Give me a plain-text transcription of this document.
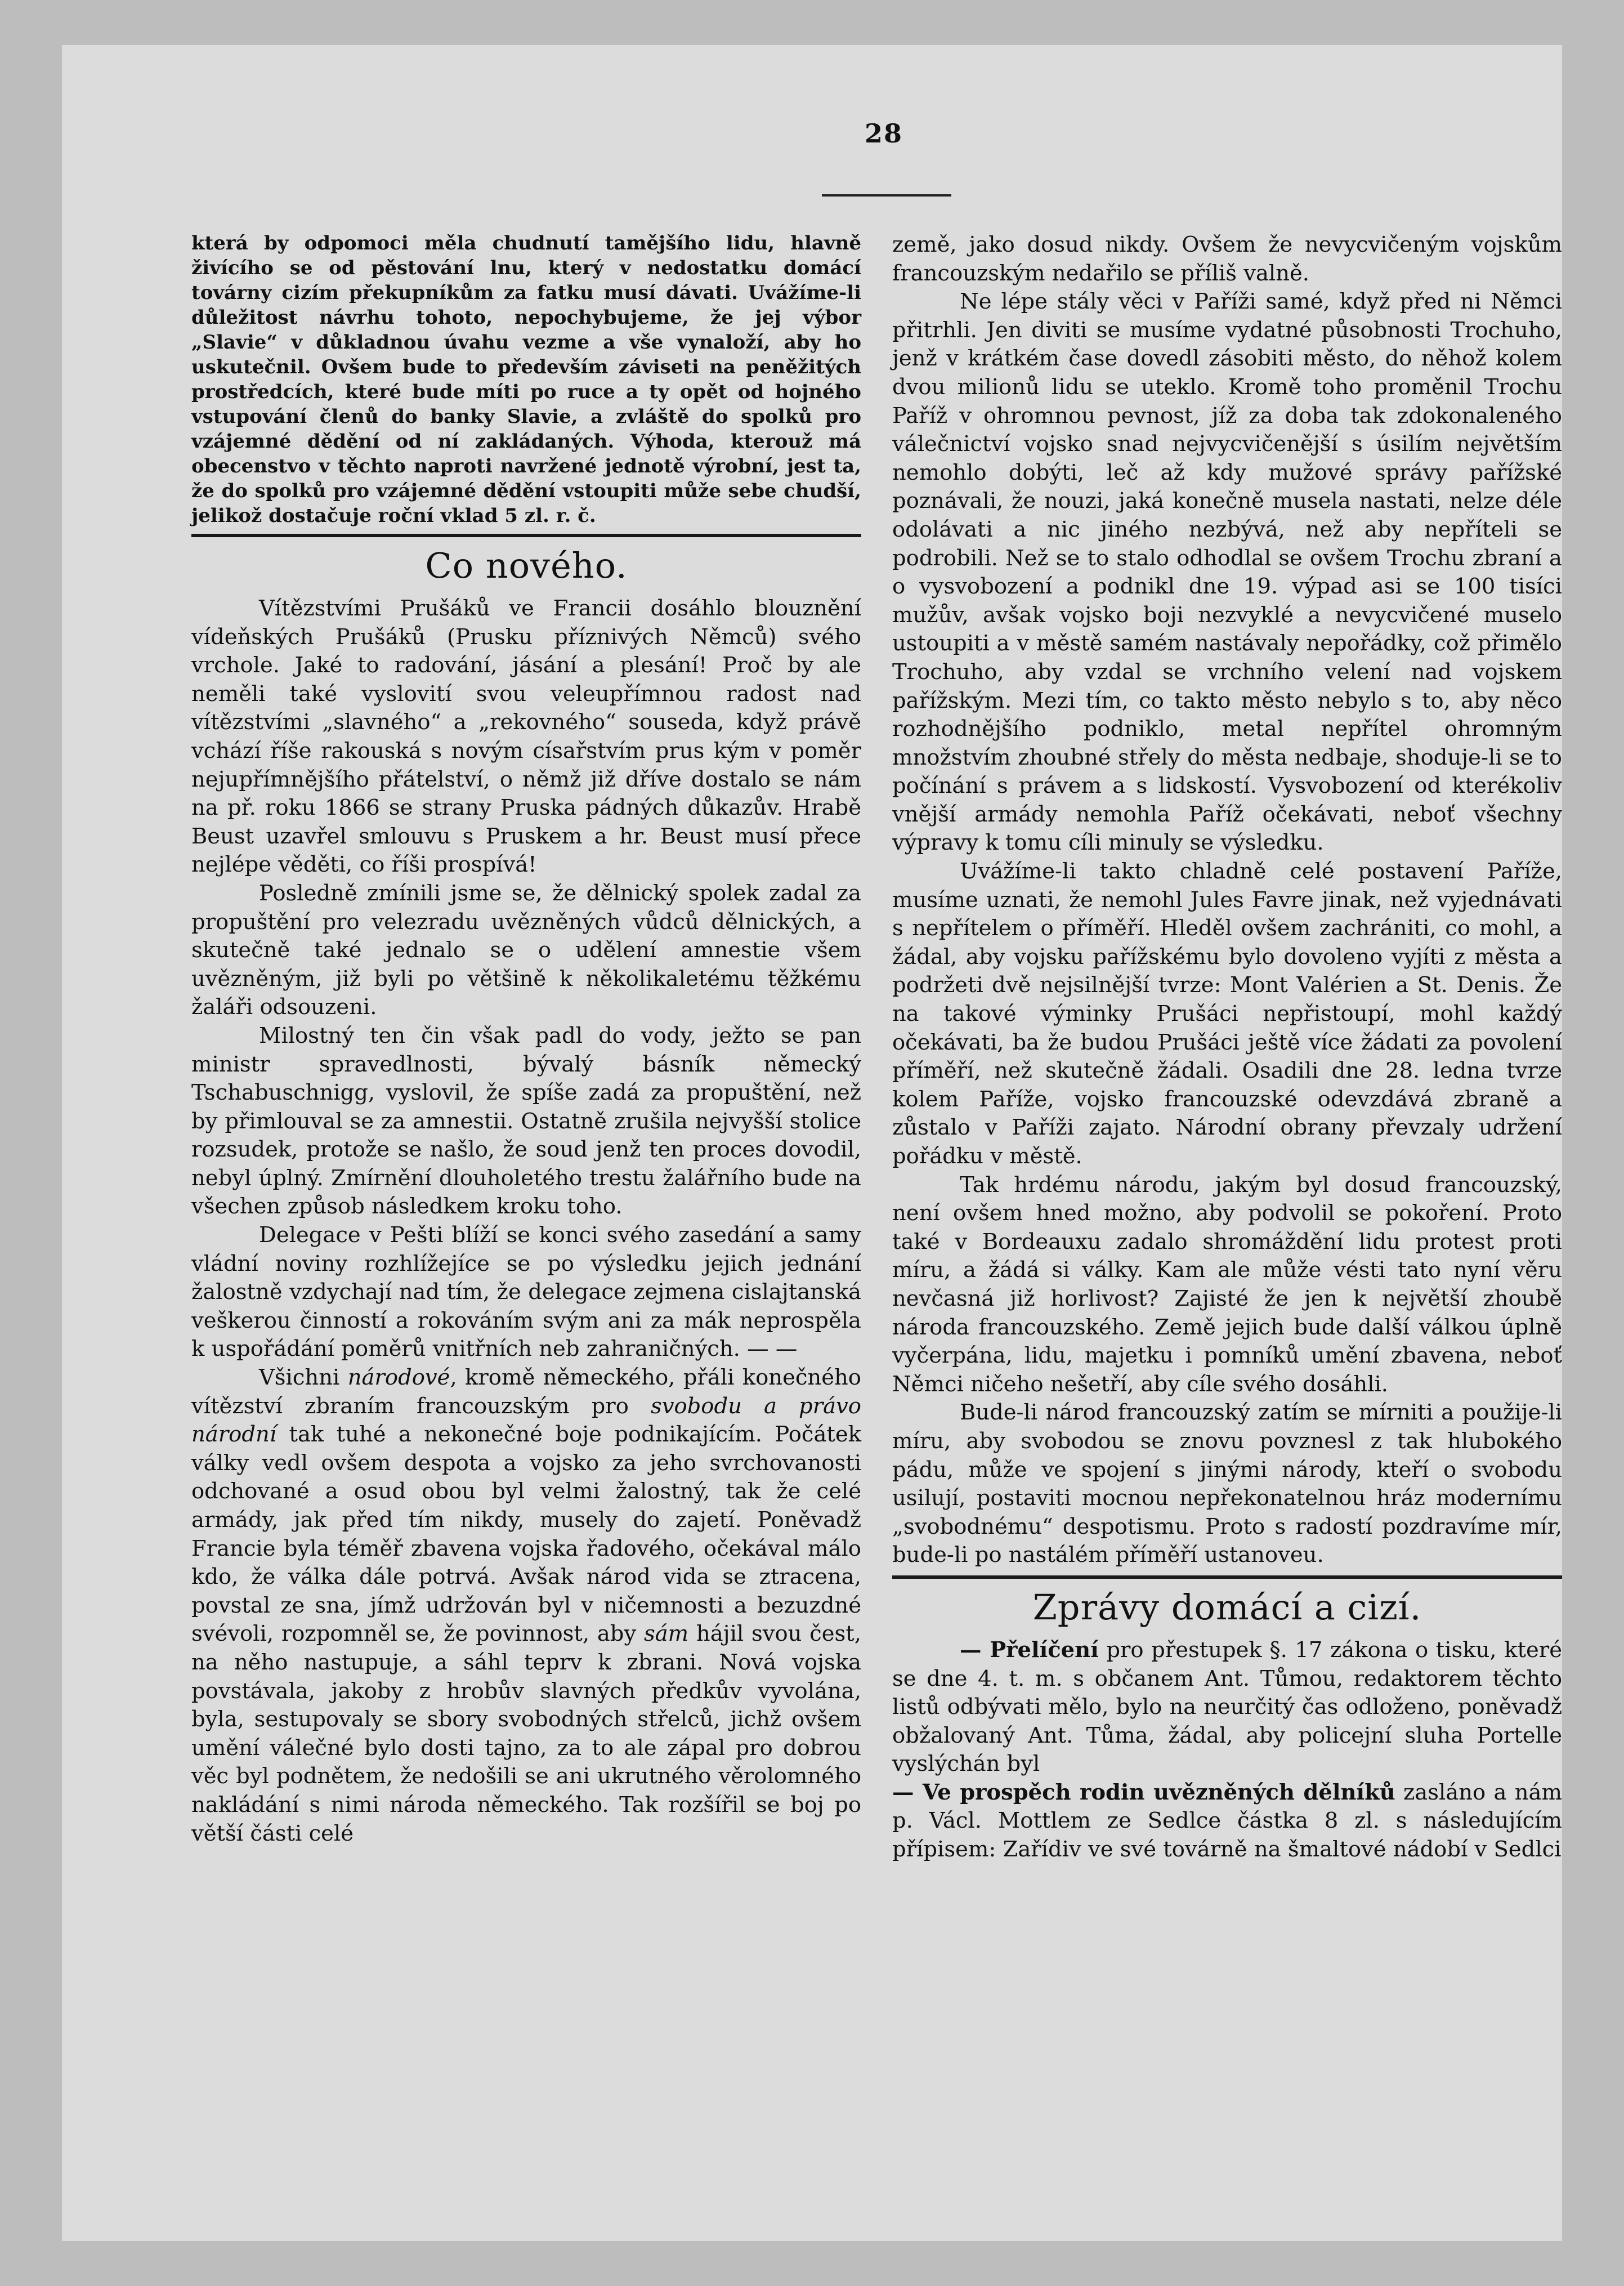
28

která by odpomoci měla chudnutí tamějšího lidu, hlavně živícího se od pěstování lnu, který v nedostatku domácí továrny cizím překupníkům za fatku musí dávati. Uvážíme-li důležitost návrhu tohoto, nepochybujeme, že jej výbor „Slavie“ v důkladnou úvahu vezme a vše vynaloží, aby ho uskutečnil. Ovšem bude to především záviseti na peněžitých prostředcích, které bude míti po ruce a ty opět od hojného vstupování členů do banky Slavie, a zvláště do spolků pro vzájemné dědění od ní zakládaných. Výhoda, kterouž má obecenstvo v těchto naproti navržené jednotě výrobní, jest ta, že do spolků pro vzájemné dědění vstoupiti může sebe chudší, jelikož dostačuje roční vklad 5 zl. r. č.

Co nového.

Vítězstvími Prušáků ve Francii dosáhlo blouznění vídeňských Prušáků (Prusku příznivých Němců) svého vrchole. Jaké to radování, jásání a plesání! Proč by ale neměli také vyslovití svou veleupřímnou radost nad vítězstvími „slavného“ a „rekovného“ souseda, když právě vchází říše rakouská s novým císařstvím prus kým v poměr nejupřímnějšího přátelství, o němž již dříve dostalo se nám na př. roku 1866 se strany Pruska pádných důkazův. Hrabě Beust uzavřel smlouvu s Pruskem a hr. Beust musí přece nejlépe věděti, co říši prospívá!

Posledně zmínili jsme se, že dělnický spolek zadal za propuštění pro velezradu uvězněných vůdců dělnických, a skutečně také jednalo se o udělení amnestie všem uvězněným, již byli po většině k několikaletému těžkému žaláři odsouzeni.

Milostný ten čin však padl do vody, ježto se pan ministr spravedlnosti, bývalý básník německý Tschabuschnigg, vyslovil, že spíše zadá za propuštění, než by přimlouval se za amnestii. Ostatně zrušila nejvyšší stolice rozsudek, protože se našlo, že soud jenž ten proces dovodil, nebyl úplný. Zmírnění dlouholetého trestu žalářního bude na všechen způsob následkem kroku toho.

Delegace v Pešti blíží se konci svého zasedání a samy vládní noviny rozhlížejíce se po výsledku jejich jednání žalostně vzdychají nad tím, že delegace zejmena cislajtanská veškerou činností a rokováním svým ani za mák neprospěla k uspořádání poměrů vnitřních neb zahraničných. — —

Všichni národové, kromě německého, přáli konečného vítězství zbraním francouzským pro svobodu a právo národní tak tuhé a nekonečné boje podnikajícím. Počátek války vedl ovšem despota a vojsko za jeho svrchovanosti odchované a osud obou byl velmi žalostný, tak že celé armády, jak před tím nikdy, musely do zajetí. Poněvadž Francie byla téměř zbavena vojska řadového, očekával málo kdo, že válka dále potrvá. Avšak národ vida se ztracena, povstal ze sna, jímž udržován byl v ničemnosti a bezuzdné svévoli, rozpomněl se, že povinnost, aby sám hájil svou čest, na něho nastupuje, a sáhl teprv k zbrani. Nová vojska povstávala, jakoby z hrobův slavných předkův vyvolána, byla, sestupovaly se sbory svobodných střelců, jichž ovšem umění válečné bylo dosti tajno, za to ale zápal pro dobrou věc byl podnětem, že nedošili se ani ukrutného věrolomného nakládání s nimi národa německého. Tak rozšířil se boj po větší části celé

země, jako dosud nikdy. Ovšem že nevycvičeným vojskům francouzským nedařilo se příliš valně.

Ne lépe stály věci v Paříži samé, když před ni Němci přitrhli. Jen diviti se musíme vydatné působnosti Trochuho, jenž v krátkém čase dovedl zásobiti město, do něhož kolem dvou milionů lidu se uteklo. Kromě toho proměnil Trochu Paříž v ohromnou pevnost, jíž za doba tak zdokonaleného válečnictví vojsko snad nejvycvičenější s úsilím největším nemohlo dobýti, leč až kdy mužové správy pařížské poznávali, že nouzi, jaká konečně musela nastati, nelze déle odolávati a nic jiného nezbývá, než aby nepříteli se podrobili. Než se to stalo odhodlal se ovšem Trochu zbraní a o vysvobození a podnikl dne 19. výpad asi se 100 tisíci mužův, avšak vojsko boji nezvyklé a nevycvičené muselo ustoupiti a v městě samém nastávaly nepořádky, což přimělo Trochuho, aby vzdal se vrchního velení nad vojskem pařížským. Mezi tím, co takto město nebylo s to, aby něco rozhodnějšího podniklo, metal nepřítel ohromným množstvím zhoubné střely do města nedbaje, shoduje-li se to počínání s právem a s lidskostí. Vysvobození od kterékoliv vnější armády nemohla Paříž očekávati, neboť všechny výpravy k tomu cíli minuly se výsledku.

Uvážíme-li takto chladně celé postavení Paříže, musíme uznati, že nemohl Jules Favre jinak, než vyjednávati s nepřítelem o příměří. Hleděl ovšem zachrániti, co mohl, a žádal, aby vojsku pařížskému bylo dovoleno vyjíti z města a podržeti dvě nejsilnější tvrze: Mont Valérien a St. Denis. Že na takové výminky Prušáci nepřistoupí, mohl každý očekávati, ba že budou Prušáci ještě více žádati za povolení příměří, než skutečně žádali. Osadili dne 28. ledna tvrze kolem Paříže, vojsko francouzské odevzdává zbraně a zůstalo v Paříži zajato. Národní obrany převzaly udržení pořádku v městě.

Tak hrdému národu, jakým byl dosud francouzský, není ovšem hned možno, aby podvolil se pokoření. Proto také v Bordeauxu zadalo shromáždění lidu protest proti míru, a žádá si války. Kam ale může vésti tato nyní věru nevčasná již horlivost? Zajisté že jen k největší zhoubě národa francouzského. Země jejich bude další válkou úplně vyčerpána, lidu, majetku i pomníků umění zbavena, neboť Němci ničeho nešetří, aby cíle svého dosáhli.

Bude-li národ francouzský zatím se mírniti a použije-li míru, aby svobodou se znovu povznesl z tak hlubokého pádu, může ve spojení s jinými národy, kteří o svobodu usilují, postaviti mocnou nepřekonatelnou hráz modernímu „svobodnému“ despotismu. Proto s radostí pozdravíme mír, bude-li po nastálém příměří ustanoveu.

Zprávy domácí a cizí.

— Přelíčení pro přestupek §. 17 zákona o tisku, které se dne 4. t. m. s občanem Ant. Tůmou, redaktorem těchto listů odbývati mělo, bylo na neurčitý čas odloženo, poněvadž obžalovaný Ant. Tůma, žádal, aby policejní sluha Portelle vyslýchán byl

— Ve prospěch rodin uvězněných dělníků zasláno a nám p. Václ. Mottlem ze Sedlce částka 8 zl. s následujícím přípisem: Zařídiv ve své továrně na šmaltové nádobí v Sedlci
